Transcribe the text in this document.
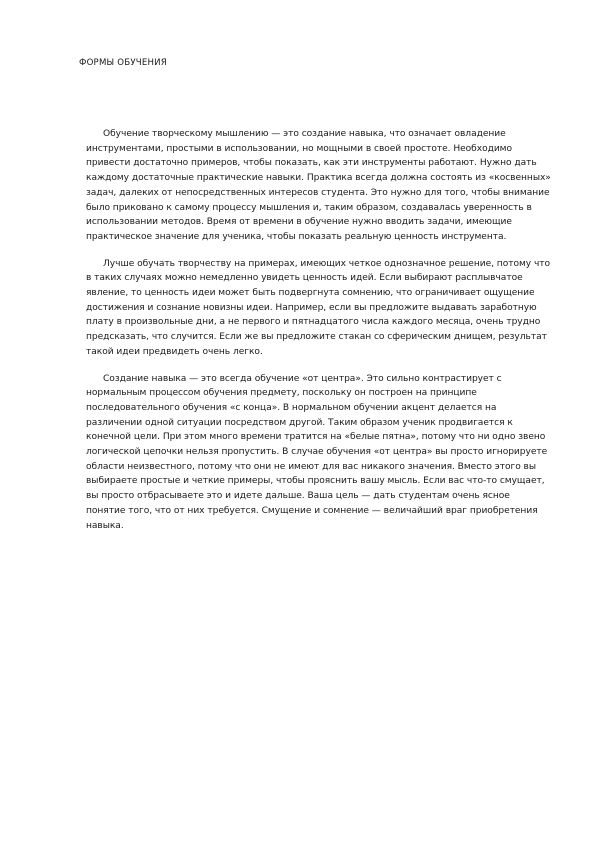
ФОРМЫ ОБУЧЕНИЯ

Обучение творческому мышлению — это создание навыка, что означает овладение инструментами, простыми в использовании, но мощными в своей простоте. Необходимо привести достаточно примеров, чтобы показать, как эти инструменты работают. Нужно дать каждому достаточные практические навыки. Практика всегда должна состоять из «косвенных» задач, далеких от непосредственных интересов студента. Это нужно для того, чтобы внимание было приковано к самому процессу мышления и, таким образом, создавалась уверенность в использовании методов. Время от времени в обучение нужно вводить задачи, имеющие практическое значение для ученика, чтобы показать реальную ценность инструмента.

Лучше обучать творчеству на примерах, имеющих четкое однозначное решение, потому что в таких случаях можно немедленно увидеть ценность идей. Если выбирают расплывчатое явление, то ценность идеи может быть подвергнута сомнению, что ограничивает ощущение достижения и сознание новизны идеи. Например, если вы предложите выдавать заработную плату в произвольные дни, а не первого и пятнадцатого числа каждого месяца, очень трудно предсказать, что случится. Если же вы предложите стакан со сферическим днищем, результат такой идеи предвидеть очень легко.

Создание навыка — это всегда обучение «от центра». Это сильно контрастирует с нормальным процессом обучения предмету, поскольку он построен на принципе последовательного обучения «с конца». В нормальном обучении акцент делается на различении одной ситуации посредством другой. Таким образом ученик продвигается к конечной цели. При этом много времени тратится на «белые пятна», потому что ни одно звено логической цепочки нельзя пропустить. В случае обучения «от центра» вы просто игнорируете области неизвестного, потому что они не имеют для вас никакого значения. Вместо этого вы выбираете простые и четкие примеры, чтобы прояснить вашу мысль. Если вас что-то смущает, вы просто отбрасываете это и идете дальше. Ваша цель — дать студентам очень ясное понятие того, что от них требуется. Смущение и сомнение — величайший враг приобретения навыка.
